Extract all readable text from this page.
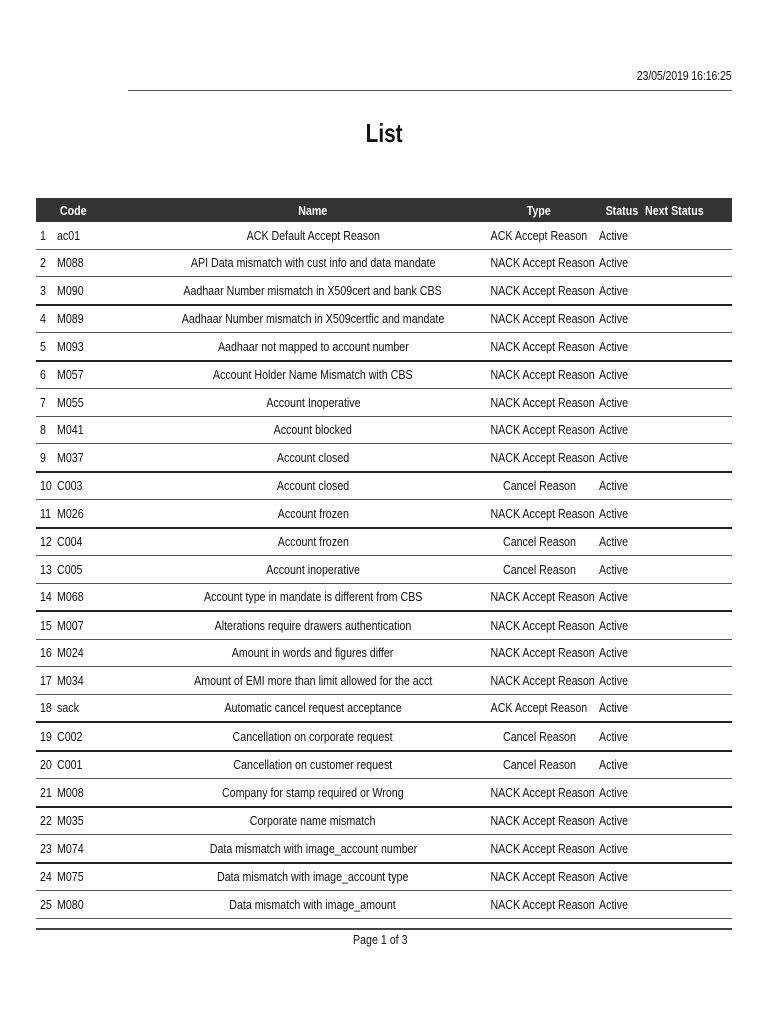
23/05/2019 16:16:25
List
	Code	Name	Type	Status	Next Status
1	ac01	ACK Default Accept Reason	ACK Accept Reason	Active	
2	M088	API Data mismatch with cust info and data mandate	NACK Accept Reason	Active	
3	M090	Aadhaar Number mismatch in X509cert and bank CBS	NACK Accept Reason	Active	
4	M089	Aadhaar Number mismatch in X509certfic and mandate	NACK Accept Reason	Active	
5	M093	Aadhaar not mapped to account number	NACK Accept Reason	Active	
6	M057	Account Holder Name Mismatch with CBS	NACK Accept Reason	Active	
7	M055	Account Inoperative	NACK Accept Reason	Active	
8	M041	Account blocked	NACK Accept Reason	Active	
9	M037	Account closed	NACK Accept Reason	Active	
10	C003	Account closed	Cancel Reason	Active	
11	M026	Account frozen	NACK Accept Reason	Active	
12	C004	Account frozen	Cancel Reason	Active	
13	C005	Account inoperative	Cancel Reason	Active	
14	M068	Account type in mandate is different from CBS	NACK Accept Reason	Active	
15	M007	Alterations require drawers authentication	NACK Accept Reason	Active	
16	M024	Amount in words and figures differ	NACK Accept Reason	Active	
17	M034	Amount of EMI more than limit allowed for the acct	NACK Accept Reason	Active	
18	sack	Automatic cancel request acceptance	ACK Accept Reason	Active	
19	C002	Cancellation on corporate request	Cancel Reason	Active	
20	C001	Cancellation on customer request	Cancel Reason	Active	
21	M008	Company for stamp required or Wrong	NACK Accept Reason	Active	
22	M035	Corporate name mismatch	NACK Accept Reason	Active	
23	M074	Data mismatch with image_account number	NACK Accept Reason	Active	
24	M075	Data mismatch with image_account type	NACK Accept Reason	Active	
25	M080	Data mismatch with image_amount	NACK Accept Reason	Active	
Page 1 of 3
